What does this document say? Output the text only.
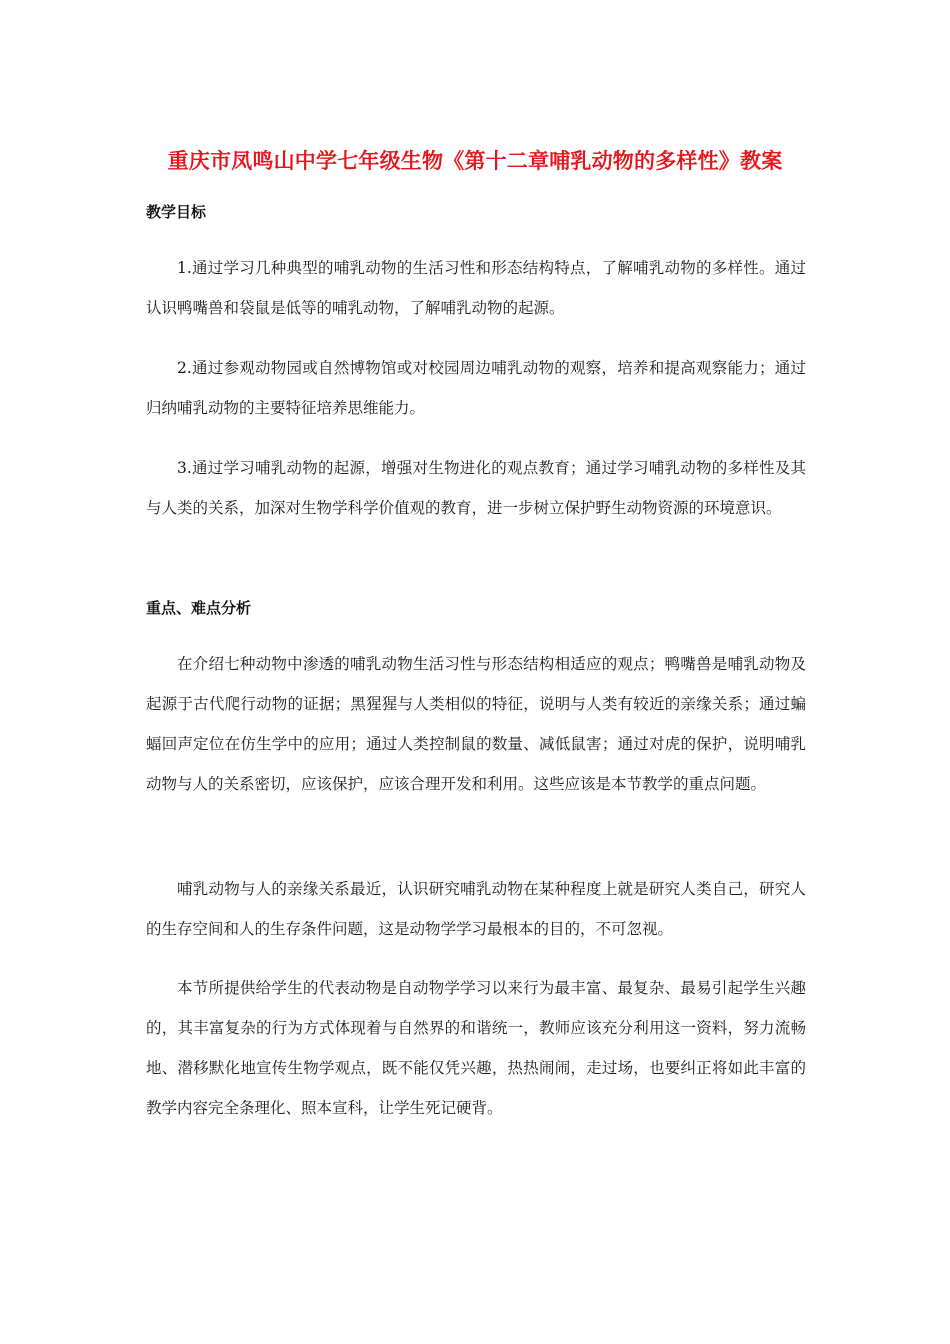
重庆市凤鸣山中学七年级生物《第十二章哺乳动物的多样性》教案
教学目标
1.通过学习几种典型的哺乳动物的生活习性和形态结构特点，了解哺乳动物的多样性。通过认识鸭嘴兽和袋鼠是低等的哺乳动物，了解哺乳动物的起源。
2.通过参观动物园或自然博物馆或对校园周边哺乳动物的观察，培养和提高观察能力；通过归纳哺乳动物的主要特征培养思维能力。
3.通过学习哺乳动物的起源，增强对生物进化的观点教育；通过学习哺乳动物的多样性及其与人类的关系，加深对生物学科学价值观的教育，进一步树立保护野生动物资源的环境意识。
重点、难点分析
在介绍七种动物中渗透的哺乳动物生活习性与形态结构相适应的观点；鸭嘴兽是哺乳动物及起源于古代爬行动物的证据；黑猩猩与人类相似的特征，说明与人类有较近的亲缘关系；通过蝙蝠回声定位在仿生学中的应用；通过人类控制鼠的数量、减低鼠害；通过对虎的保护，说明哺乳动物与人的关系密切，应该保护，应该合理开发和利用。这些应该是本节教学的重点问题。
哺乳动物与人的亲缘关系最近，认识研究哺乳动物在某种程度上就是研究人类自己，研究人的生存空间和人的生存条件问题，这是动物学学习最根本的目的，不可忽视。
本节所提供给学生的代表动物是自动物学学习以来行为最丰富、最复杂、最易引起学生兴趣的，其丰富复杂的行为方式体现着与自然界的和谐统一，教师应该充分利用这一资料，努力流畅地、潜移默化地宣传生物学观点，既不能仅凭兴趣，热热闹闹，走过场，也要纠正将如此丰富的教学内容完全条理化、照本宣科，让学生死记硬背。
